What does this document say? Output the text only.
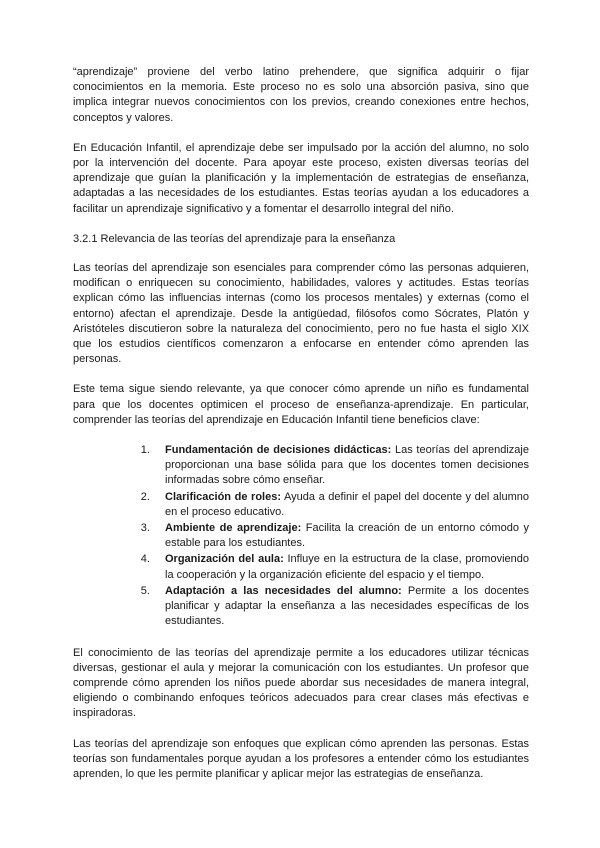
“aprendizaje” proviene del verbo latino prehendere, que significa adquirir o fijar conocimientos en la memoria. Este proceso no es solo una absorción pasiva, sino que implica integrar nuevos conocimientos con los previos, creando conexiones entre hechos, conceptos y valores.

En Educación Infantil, el aprendizaje debe ser impulsado por la acción del alumno, no solo por la intervención del docente. Para apoyar este proceso, existen diversas teorías del aprendizaje que guían la planificación y la implementación de estrategias de enseñanza, adaptadas a las necesidades de los estudiantes. Estas teorías ayudan a los educadores a facilitar un aprendizaje significativo y a fomentar el desarrollo integral del niño.

3.2.1 Relevancia de las teorías del aprendizaje para la enseñanza

Las teorías del aprendizaje son esenciales para comprender cómo las personas adquieren, modifican o enriquecen su conocimiento, habilidades, valores y actitudes. Estas teorías explican cómo las influencias internas (como los procesos mentales) y externas (como el entorno) afectan el aprendizaje. Desde la antigüedad, filósofos como Sócrates, Platón y Aristóteles discutieron sobre la naturaleza del conocimiento, pero no fue hasta el siglo XIX que los estudios científicos comenzaron a enfocarse en entender cómo aprenden las personas.

Este tema sigue siendo relevante, ya que conocer cómo aprende un niño es fundamental para que los docentes optimicen el proceso de enseñanza-aprendizaje. En particular, comprender las teorías del aprendizaje en Educación Infantil tiene beneficios clave:

1. Fundamentación de decisiones didácticas: Las teorías del aprendizaje proporcionan una base sólida para que los docentes tomen decisiones informadas sobre cómo enseñar.
2. Clarificación de roles: Ayuda a definir el papel del docente y del alumno en el proceso educativo.
3. Ambiente de aprendizaje: Facilita la creación de un entorno cómodo y estable para los estudiantes.
4. Organización del aula: Influye en la estructura de la clase, promoviendo la cooperación y la organización eficiente del espacio y el tiempo.
5. Adaptación a las necesidades del alumno: Permite a los docentes planificar y adaptar la enseñanza a las necesidades específicas de los estudiantes.

El conocimiento de las teorías del aprendizaje permite a los educadores utilizar técnicas diversas, gestionar el aula y mejorar la comunicación con los estudiantes. Un profesor que comprende cómo aprenden los niños puede abordar sus necesidades de manera integral, eligiendo o combinando enfoques teóricos adecuados para crear clases más efectivas e inspiradoras.

Las teorías del aprendizaje son enfoques que explican cómo aprenden las personas. Estas teorías son fundamentales porque ayudan a los profesores a entender cómo los estudiantes aprenden, lo que les permite planificar y aplicar mejor las estrategias de enseñanza.
